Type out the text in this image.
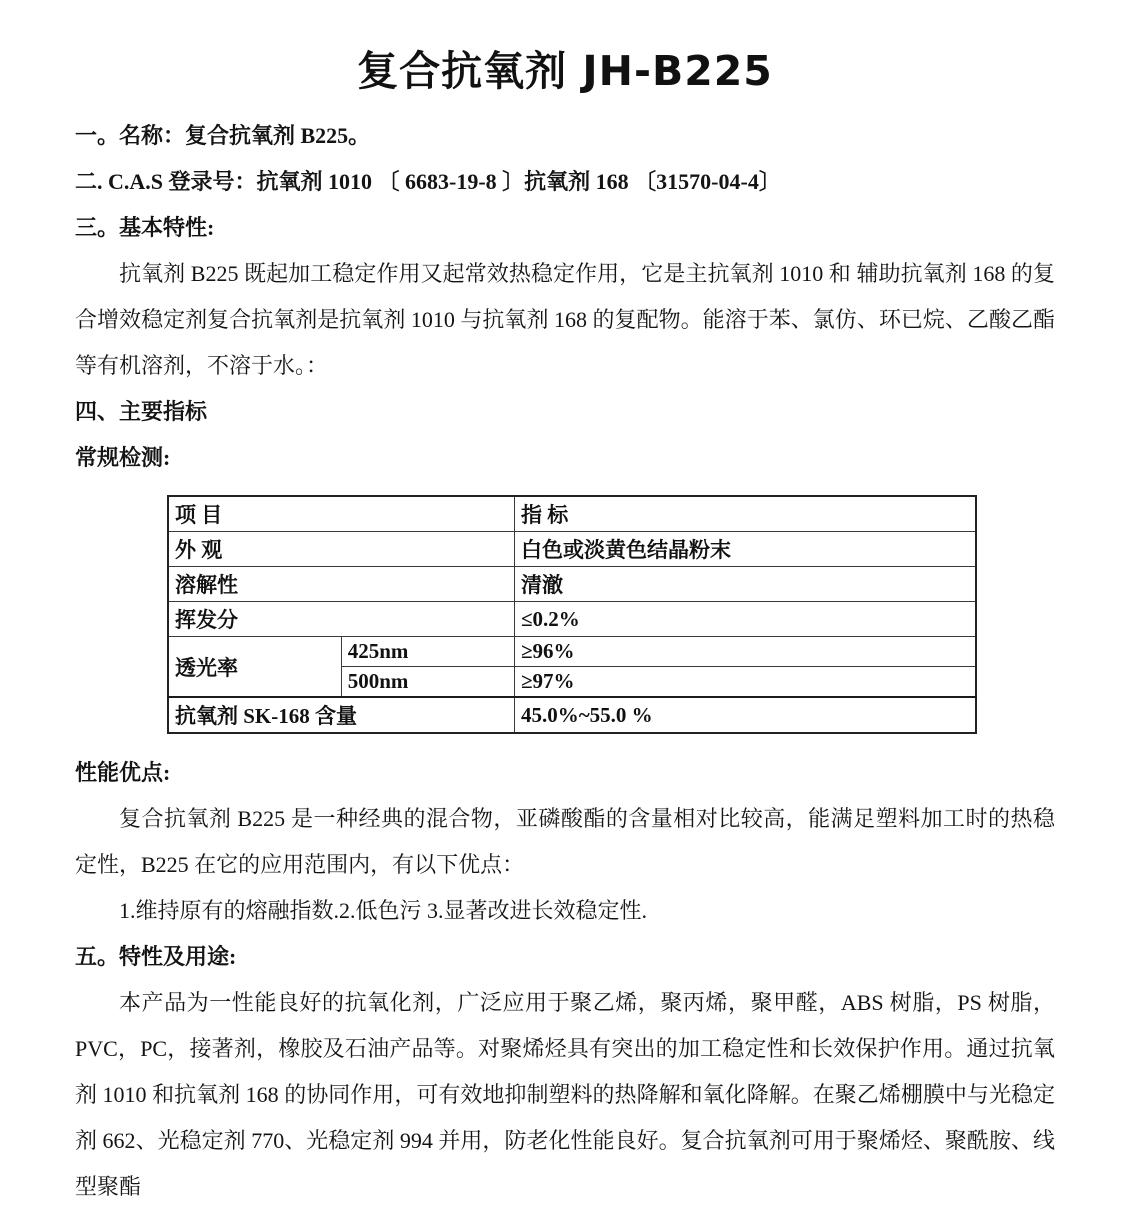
复合抗氧剂 JH-B225

一。名称：复合抗氧剂 B225。

二. C.A.S 登录号：抗氧剂 1010 〔 6683-19-8 〕抗氧剂 168 〔31570-04-4〕

三。基本特性:

抗氧剂 B225 既起加工稳定作用又起常效热稳定作用，它是主抗氧剂 1010 和 辅助抗氧剂 168 的复合增效稳定剂复合抗氧剂是抗氧剂 1010 与抗氧剂 168 的复配物。能溶于苯、氯仿、环已烷、乙酸乙酯等有机溶剂，不溶于水。：

四、主要指标

常规检测:

项 目		指 标
外 观		白色或淡黄色结晶粉末
溶解性		清澈
挥发分		≤0.2%
透光率	425nm	≥96%
	500nm	≥97%
抗氧剂 SK-168 含量		45.0%~55.0 %

性能优点:

复合抗氧剂 B225 是一种经典的混合物，亚磷酸酯的含量相对比较高，能满足塑料加工时的热稳定性，B225 在它的应用范围内，有以下优点：

1.维持原有的熔融指数.2.低色污 3.显著改进长效稳定性.

五。特性及用途:

本产品为一性能良好的抗氧化剂，广泛应用于聚乙烯，聚丙烯，聚甲醛，ABS 树脂，PS 树脂，PVC，PC，接著剂，橡胶及石油产品等。对聚烯烃具有突出的加工稳定性和长效保护作用。通过抗氧剂 1010 和抗氧剂 168 的协同作用，可有效地抑制塑料的热降解和氧化降解。在聚乙烯棚膜中与光稳定剂 662、光稳定剂 770、光稳定剂 994 并用，防老化性能良好。复合抗氧剂可用于聚烯烃、聚酰胺、线型聚酯
